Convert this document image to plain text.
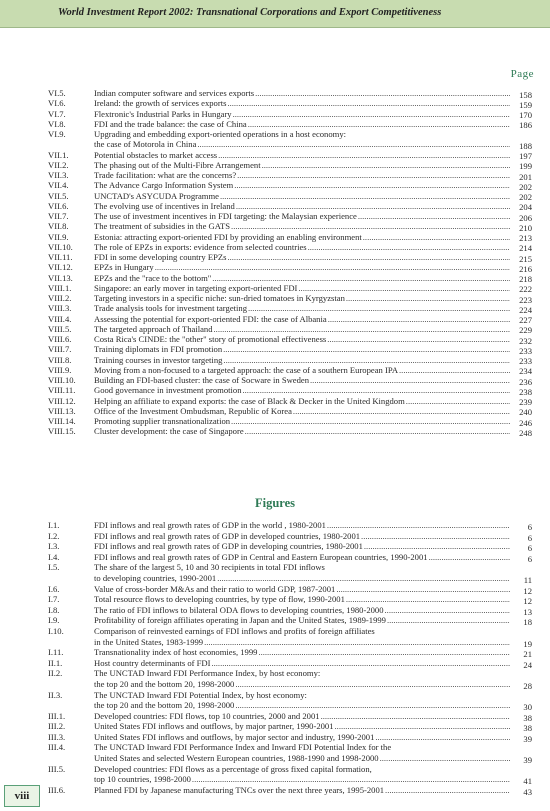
World Investment Report 2002: Transnational Corporations and Export Competitiveness
Page
VI.5.	Indian computer software and services exports .....	158
VI.6.	Ireland: the growth of services exports .....	159
VI.7.	Flextronic's Industrial Parks in Hungary .....	170
VI.8.	FDI and the trade balance: the case of China .....	186
VI.9.	Upgrading and embedding export-oriented operations in a host economy:
the case of Motorola in China .....	188
VII.1.	Potential obstacles to market access .....	197
VII.2.	The phasing out of the Multi-Fibre Arrangement .....	199
VII.3.	Trade facilitation: what are the concerns? .....	201
VII.4.	The Advance Cargo Information System .....	202
VII.5.	UNCTAD's ASYCUDA Programme .....	202
VII.6.	The evolving use of incentives in Ireland .....	204
VII.7.	The use of investment incentives in FDI targeting: the Malaysian experience .....	206
VII.8.	The treatment of subsidies in the GATS .....	210
VII.9.	Estonia: attracting export-oriented FDI by providing an enabling environment .....	213
VII.10.	The role of EPZs in exports: evidence from selected countries .....	214
VII.11.	FDI in some developing country EPZs .....	215
VII.12.	EPZs in Hungary .....	216
VII.13.	EPZs and the "race to the bottom" .....	218
VIII.1.	Singapore: an early mover in targeting export-oriented FDI .....	222
VIII.2.	Targeting investors in a specific niche: sun-dried tomatoes in Kyrgyzstan .....	223
VIII.3.	Trade analysis tools for investment targeting .....	224
VIII.4.	Assessing the potential for export-oriented FDI: the case of Albania .....	227
VIII.5.	The targeted approach of Thailand .....	229
VIII.6.	Costa Rica's CINDE: the "other" story of promotional effectiveness .....	232
VIII.7.	Training diplomats in FDI promotion .....	233
VIII.8.	Training courses in investor targeting .....	233
VIII.9.	Moving from a non-focused to a targeted approach: the case of a southern European IPA .....	234
VIII.10.	Building an FDI-based cluster: the case of Socware in Sweden .....	236
VIII.11.	Good governance in investment promotion .....	238
VIII.12.	Helping an affiliate to expand exports: the case of Black & Decker in the United Kingdom .....	239
VIII.13.	Office of the Investment Ombudsman, Republic of Korea .....	240
VIII.14.	Promoting supplier transnationalization .....	246
VIII.15.	Cluster development: the case of Singapore .....	248
Figures
I.1.	FDI inflows and real growth rates of GDP in the world , 1980-2001 .....	6
I.2.	FDI inflows and real growth rates of GDP in developed countries, 1980-2001 .....	6
I.3.	FDI inflows and real growth rates of GDP in developing countries, 1980-2001 .....	6
I.4.	FDI inflows and real growth rates of GDP in Central and Eastern European countries, 1990-2001 .....	6
I.5.	The share of the largest 5, 10 and 30 recipients in total FDI inflows
to developing countries, 1990-2001 .....	11
I.6.	Value of cross-border M&As and their ratio to world GDP, 1987-2001 .....	12
I.7.	Total resource flows to developing countries, by type of flow, 1990-2001 .....	12
I.8.	The ratio of FDI inflows to bilateral ODA flows to developing countries, 1980-2000 .....	13
I.9.	Profitability of foreign affiliates operating in Japan and the United States, 1989-1999 .....	18
I.10.	Comparison of reinvested earnings of FDI inflows and profits of foreign affiliates
in the United States, 1983-1999 .....	19
I.11.	Transnationality index of host economies, 1999 .....	21
II.1.	Host country determinants of FDI .....	24
II.2.	The UNCTAD Inward FDI Performance Index, by host economy:
the top 20 and the bottom 20, 1998-2000 .....	28
II.3.	The UNCTAD Inward FDI Potential Index, by host economy:
the top 20 and the bottom 20, 1998-2000 .....	30
III.1.	Developed countries: FDI flows, top 10 countries, 2000 and 2001 .....	38
III.2.	United States FDI inflows and outflows, by major partner, 1990-2001 .....	38
III.3.	United States FDI inflows and outflows, by major sector and industry, 1990-2001 .....	39
III.4.	The UNCTAD Inward FDI Performance Index and Inward FDI Potential Index for the
United States and selected Western European countries, 1988-1990 and 1998-2000 .....	39
III.5.	Developed countries: FDI flows as a percentage of gross fixed capital formation,
top 10 countries, 1998-2000 .....	41
III.6.	Planned FDI by Japanese manufacturing TNCs over the next three years, 1995-2001 .....	43
viii
